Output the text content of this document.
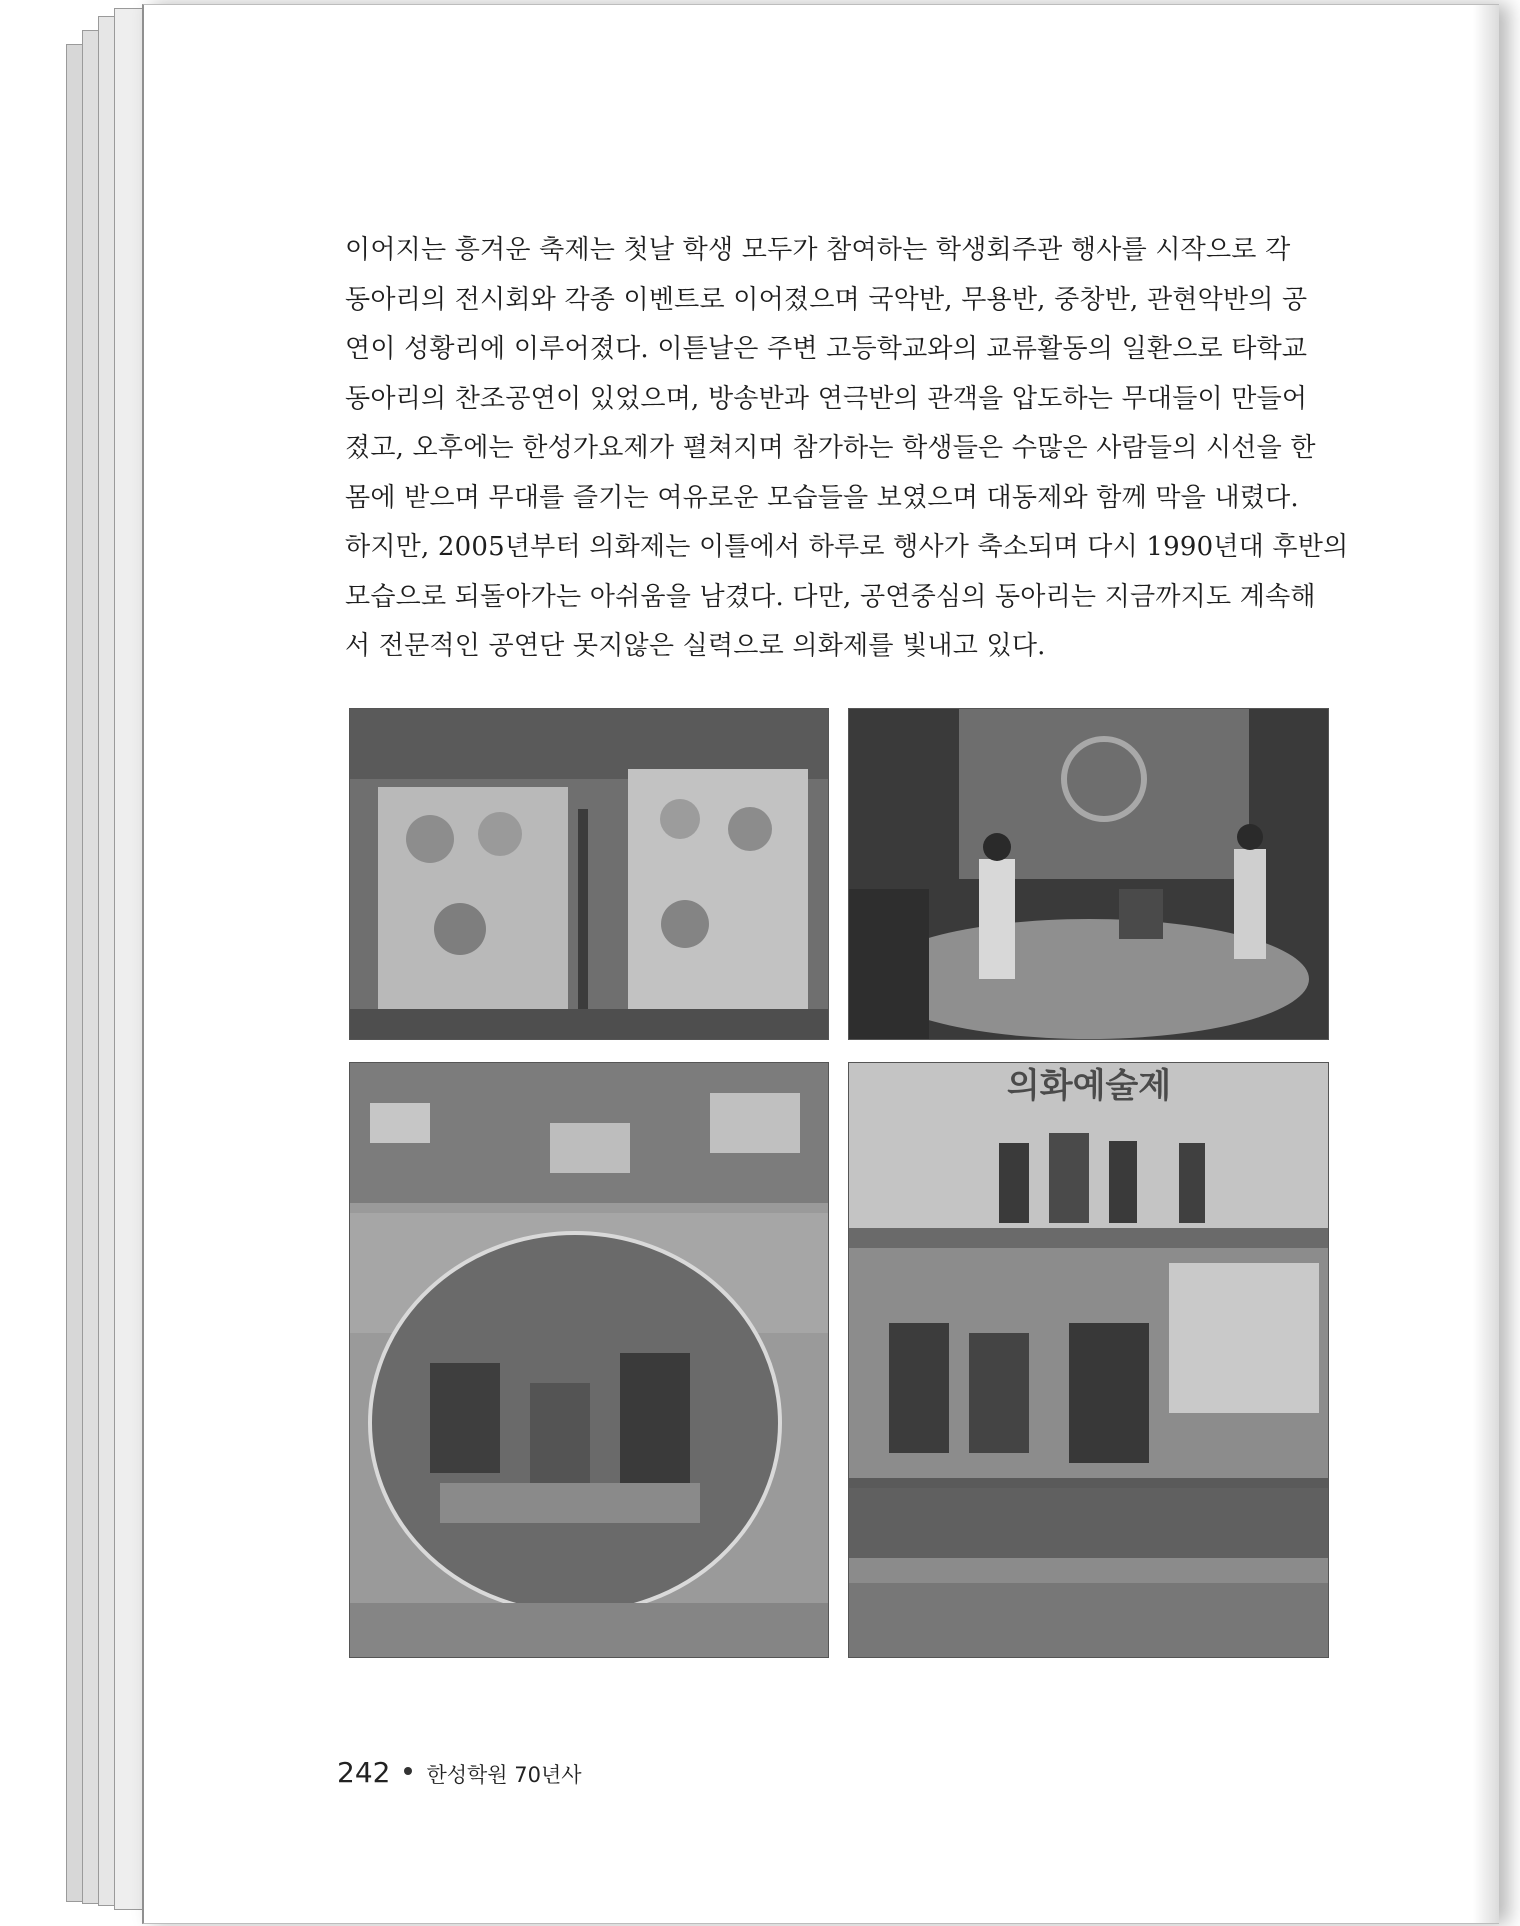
이어지는 흥겨운 축제는 첫날 학생 모두가 참여하는 학생회주관 행사를 시작으로 각
동아리의 전시회와 각종 이벤트로 이어졌으며 국악반, 무용반, 중창반, 관현악반의 공
연이 성황리에 이루어졌다. 이튿날은 주변 고등학교와의 교류활동의 일환으로 타학교
동아리의 찬조공연이 있었으며, 방송반과 연극반의 관객을 압도하는 무대들이 만들어
졌고, 오후에는 한성가요제가 펼쳐지며 참가하는 학생들은 수많은 사람들의 시선을 한
몸에 받으며 무대를 즐기는 여유로운 모습들을 보였으며 대동제와 함께 막을 내렸다.
하지만, 2005년부터 의화제는 이틀에서 하루로 행사가 축소되며 다시 1990년대 후반의
모습으로 되돌아가는 아쉬움을 남겼다. 다만, 공연중심의 동아리는 지금까지도 계속해
서 전문적인 공연단 못지않은 실력으로 의화제를 빛내고 있다.
의화예술제
242 한성학원 70년사
